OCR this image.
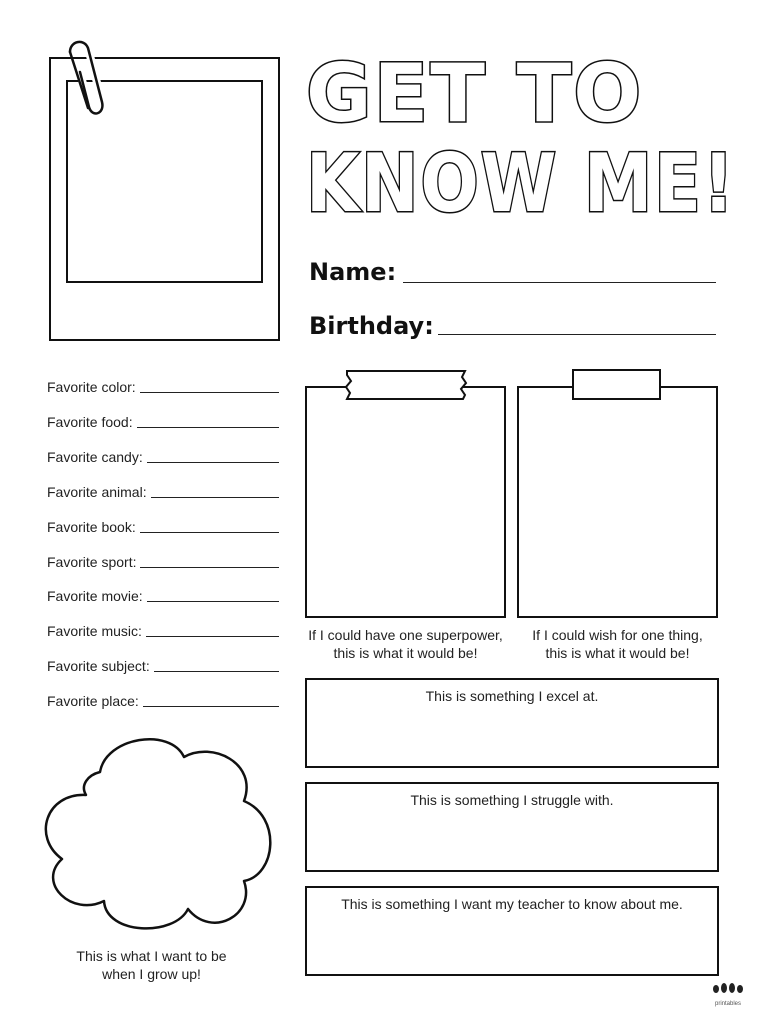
GET TO
KNOW ME!
Name:
Birthday:
Favorite color:
Favorite food:
Favorite candy:
Favorite animal:
Favorite book:
Favorite sport:
Favorite movie:
Favorite music:
Favorite subject:
Favorite place:
If I could have one superpower,
this is what it would be!
If I could wish for one thing,
this is what it would be!
This is something I excel at.
This is something I struggle with.
This is something I want my teacher to know about me.
This is what I want to be
when I grow up!
printables
